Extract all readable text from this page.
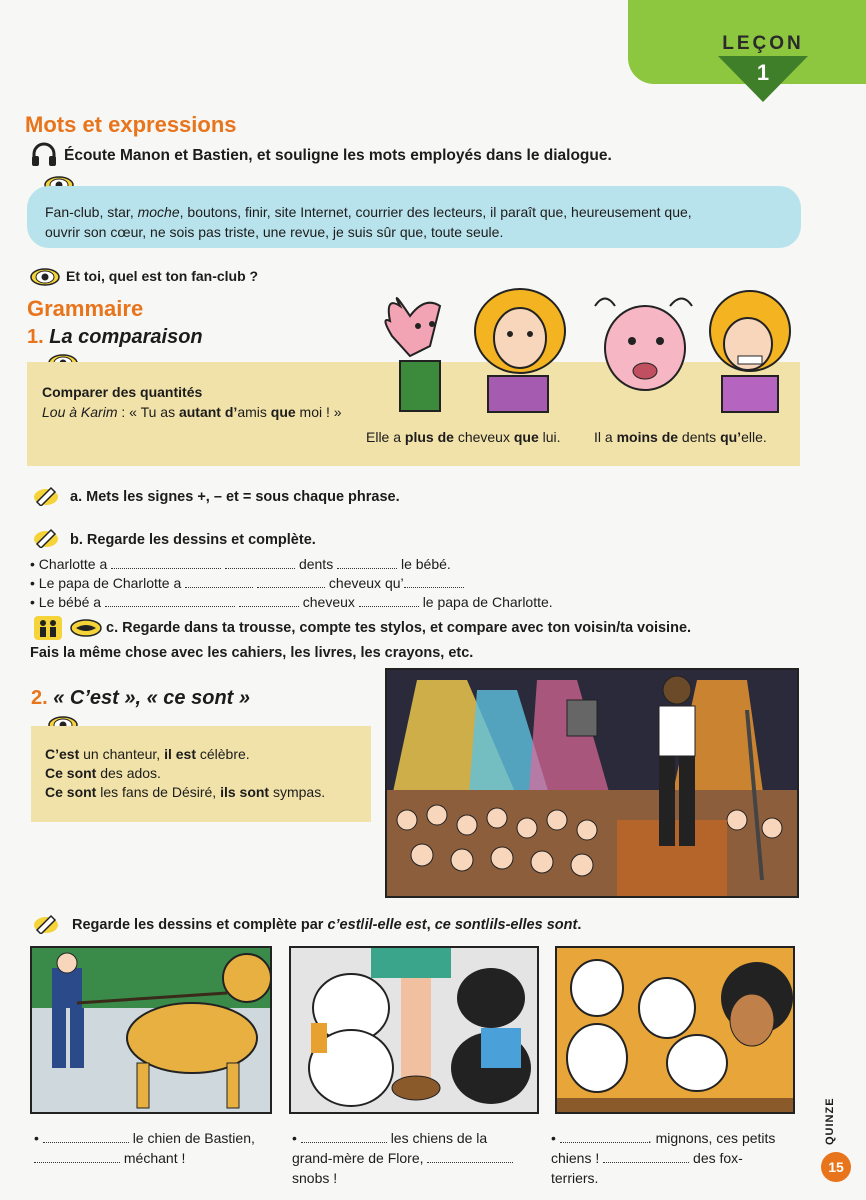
LEÇON
1
Mots et expressions
Écoute Manon et Bastien, et souligne les mots employés dans le dialogue.
Fan-club, star, moche, boutons, finir, site Internet, courrier des lecteurs, il paraît que, heureusement que,
ouvrir son cœur, ne sois pas triste, une revue, je suis sûr que, toute seule.
Et toi, quel est ton fan-club ?
Grammaire
1. La comparaison
Comparer des quantités
Lou à Karim : « Tu as autant d’amis que moi ! »
Elle a plus de cheveux que lui. Il a moins de dents qu’elle.
a. Mets les signes +, – et = sous chaque phrase.
b. Regarde les dessins et complète.
• Charlotte a	dents	le bébé.
• Le papa de Charlotte a	cheveux qu’
• Le bébé a	cheveux	le papa de Charlotte.
c. Regarde dans ta trousse, compte tes stylos, et compare avec ton voisin/ta voisine.
Fais la même chose avec les cahiers, les livres, les crayons, etc.
2. « C’est », « ce sont »
C’est un chanteur, il est célèbre.
Ce sont des ados.
Ce sont les fans de Désiré, ils sont sympas.
Regarde les dessins et complète par c’est/il-elle est, ce sont/ils-elles sont.
•	le chien de Bastien,
méchant !
•	les chiens de la
grand-mère de Flore,
snobs !
•	. mignons, ces petits
chiens !	des fox-
terriers.
QUINZE
15
